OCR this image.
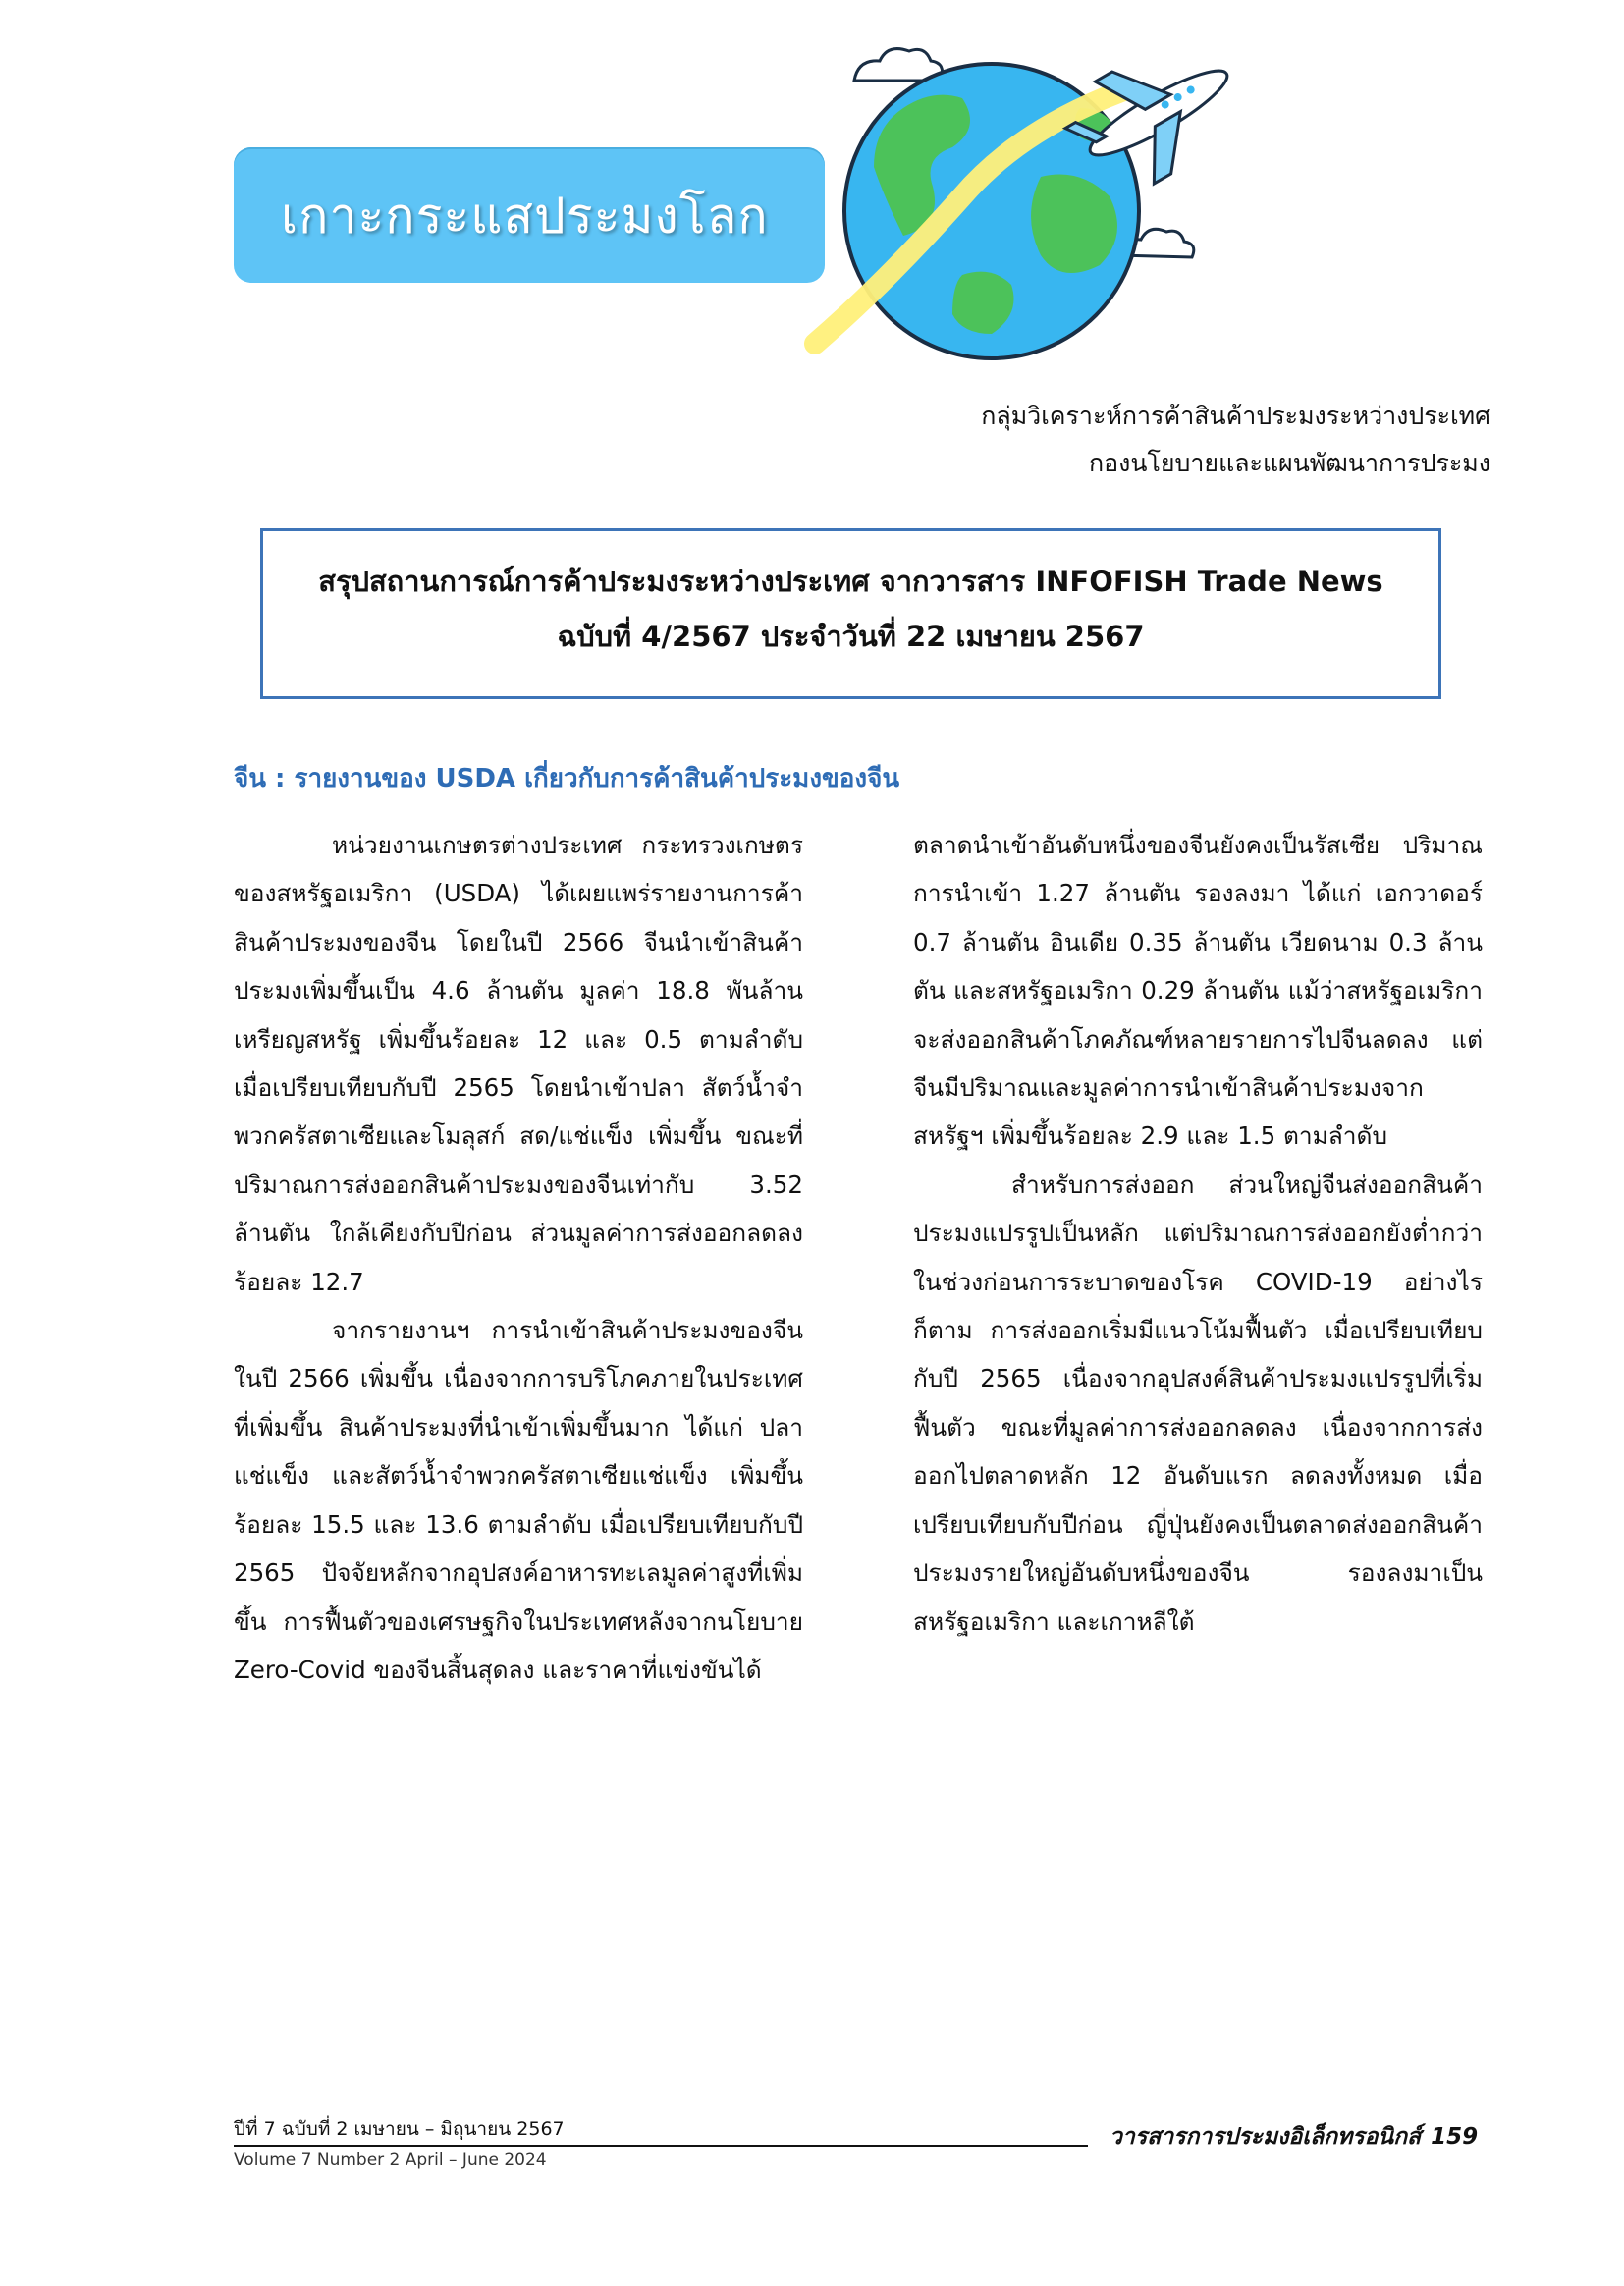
เกาะกระแสประมงโลก
กลุ่มวิเคราะห์การค้าสินค้าประมงระหว่างประเทศ
กองนโยบายและแผนพัฒนาการประมง
สรุปสถานการณ์การค้าประมงระหว่างประเทศ จากวารสาร INFOFISH Trade News
ฉบับที่ 4/2567 ประจำวันที่ 22 เมษายน 2567
จีน : รายงานของ USDA เกี่ยวกับการค้าสินค้าประมงของจีน

หน่วยงานเกษตรต่างประเทศ กระทรวงเกษตรของสหรัฐอเมริกา (USDA) ได้เผยแพร่รายงานการค้าสินค้าประมงของจีน โดยในปี 2566 จีนนำเข้าสินค้าประมงเพิ่มขึ้นเป็น 4.6 ล้านตัน มูลค่า 18.8 พันล้านเหรียญสหรัฐ เพิ่มขึ้นร้อยละ 12 และ 0.5 ตามลำดับ เมื่อเปรียบเทียบกับปี 2565 โดยนำเข้าปลา สัตว์น้ำจำพวกครัสตาเซียและโมลุสก์ สด/แช่แข็ง เพิ่มขึ้น ขณะที่ปริมาณการส่งออกสินค้าประมงของจีนเท่ากับ 3.52 ล้านตัน ใกล้เคียงกับปีก่อน ส่วนมูลค่าการส่งออกลดลงร้อยละ 12.7

จากรายงานฯ การนำเข้าสินค้าประมงของจีนในปี 2566 เพิ่มขึ้น เนื่องจากการบริโภคภายในประเทศที่เพิ่มขึ้น สินค้าประมงที่นำเข้าเพิ่มขึ้นมาก ได้แก่ ปลาแช่แข็ง และสัตว์น้ำจำพวกครัสตาเซียแช่แข็ง เพิ่มขึ้นร้อยละ 15.5 และ 13.6 ตามลำดับ เมื่อเปรียบเทียบกับปี 2565 ปัจจัยหลักจากอุปสงค์อาหารทะเลมูลค่าสูงที่เพิ่มขึ้น การฟื้นตัวของเศรษฐกิจในประเทศหลังจากนโยบาย Zero-Covid ของจีนสิ้นสุดลง และราคาที่แข่งขันได้

ตลาดนำเข้าอันดับหนึ่งของจีนยังคงเป็นรัสเซีย ปริมาณการนำเข้า 1.27 ล้านตัน รองลงมา ได้แก่ เอกวาดอร์ 0.7 ล้านตัน อินเดีย 0.35 ล้านตัน เวียดนาม 0.3 ล้านตัน และสหรัฐอเมริกา 0.29 ล้านตัน แม้ว่าสหรัฐอเมริกาจะส่งออกสินค้าโภคภัณฑ์หลายรายการไปจีนลดลง แต่จีนมีปริมาณและมูลค่าการนำเข้าสินค้าประมงจากสหรัฐฯ เพิ่มขึ้นร้อยละ 2.9 และ 1.5 ตามลำดับ

สำหรับการส่งออก ส่วนใหญ่จีนส่งออกสินค้าประมงแปรรูปเป็นหลัก แต่ปริมาณการส่งออกยังต่ำกว่าในช่วงก่อนการระบาดของโรค COVID-19 อย่างไรก็ตาม การส่งออกเริ่มมีแนวโน้มฟื้นตัว เมื่อเปรียบเทียบกับปี 2565 เนื่องจากอุปสงค์สินค้าประมงแปรรูปที่เริ่มฟื้นตัว ขณะที่มูลค่าการส่งออกลดลง เนื่องจากการส่งออกไปตลาดหลัก 12 อันดับแรก ลดลงทั้งหมด เมื่อเปรียบเทียบกับปีก่อน ญี่ปุ่นยังคงเป็นตลาดส่งออกสินค้าประมงรายใหญ่อันดับหนึ่งของจีน รองลงมาเป็นสหรัฐอเมริกา และเกาหลีใต้

ปีที่ 7 ฉบับที่ 2 เมษายน – มิถุนายน 2567
Volume 7 Number 2 April – June 2024
วารสารการประมงอิเล็กทรอนิกส์ 159
